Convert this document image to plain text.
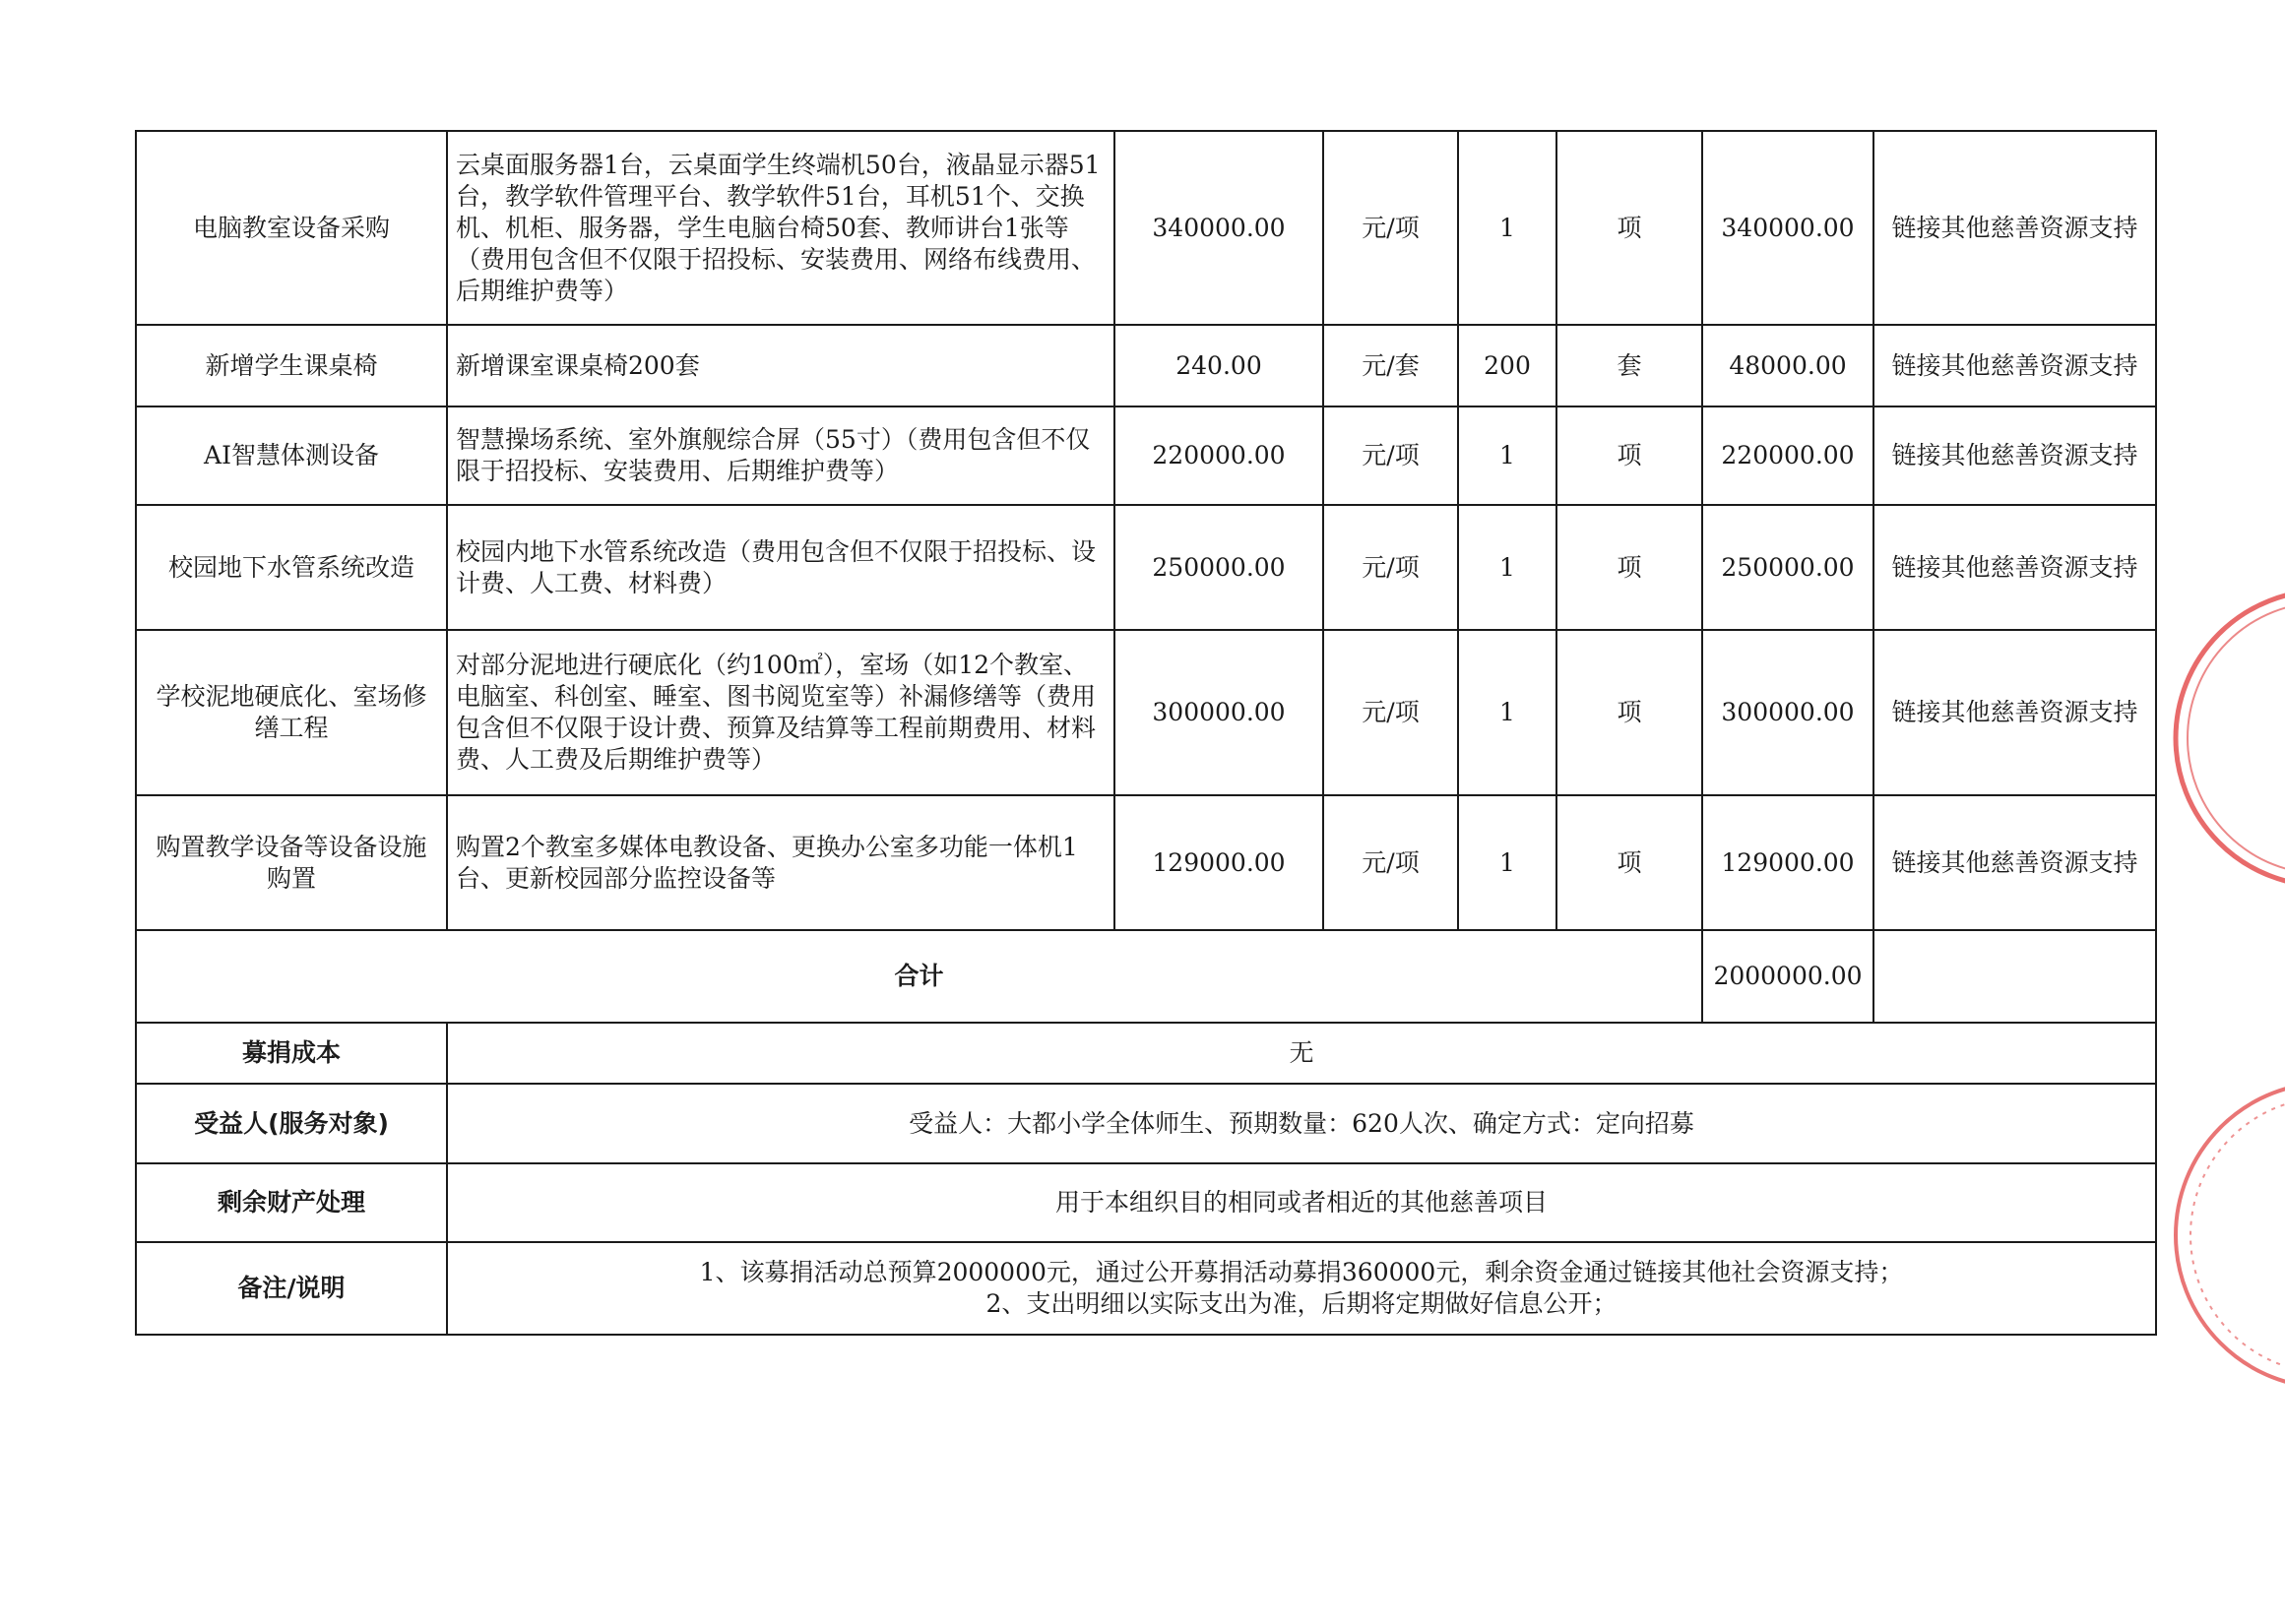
电脑教室设备采购	云桌面服务器1台，云桌面学生终端机50台，液晶显示器51台，教学软件管理平台、教学软件51台，耳机51个、交换机、机柜、服务器，学生电脑台椅50套、教师讲台1张等（费用包含但不仅限于招投标、安装费用、网络布线费用、后期维护费等）	340000.00	元/项	1	项	340000.00	链接其他慈善资源支持
新增学生课桌椅	新增课室课桌椅200套	240.00	元/套	200	套	48000.00	链接其他慈善资源支持
AI智慧体测设备	智慧操场系统、室外旗舰综合屏（55寸）（费用包含但不仅限于招投标、安装费用、后期维护费等）	220000.00	元/项	1	项	220000.00	链接其他慈善资源支持
校园地下水管系统改造	校园内地下水管系统改造（费用包含但不仅限于招投标、设计费、人工费、材料费）	250000.00	元/项	1	项	250000.00	链接其他慈善资源支持
学校泥地硬底化、室场修缮工程	对部分泥地进行硬底化（约100㎡），室场（如12个教室、电脑室、科创室、睡室、图书阅览室等）补漏修缮等（费用包含但不仅限于设计费、预算及结算等工程前期费用、材料费、人工费及后期维护费等）	300000.00	元/项	1	项	300000.00	链接其他慈善资源支持
购置教学设备等设备设施购置	购置2个教室多媒体电教设备、更换办公室多功能一体机1台、更新校园部分监控设备等	129000.00	元/项	1	项	129000.00	链接其他慈善资源支持
合计						2000000.00	
募捐成本	无						
受益人(服务对象)	受益人：大都小学全体师生、预期数量：620人次、确定方式：定向招募						
剩余财产处理	用于本组织目的相同或者相近的其他慈善项目						
备注/说明	1、该募捐活动总预算2000000元，通过公开募捐活动募捐360000元，剩余资金通过链接其他社会资源支持；
2、支出明细以实际支出为准，后期将定期做好信息公开；						
